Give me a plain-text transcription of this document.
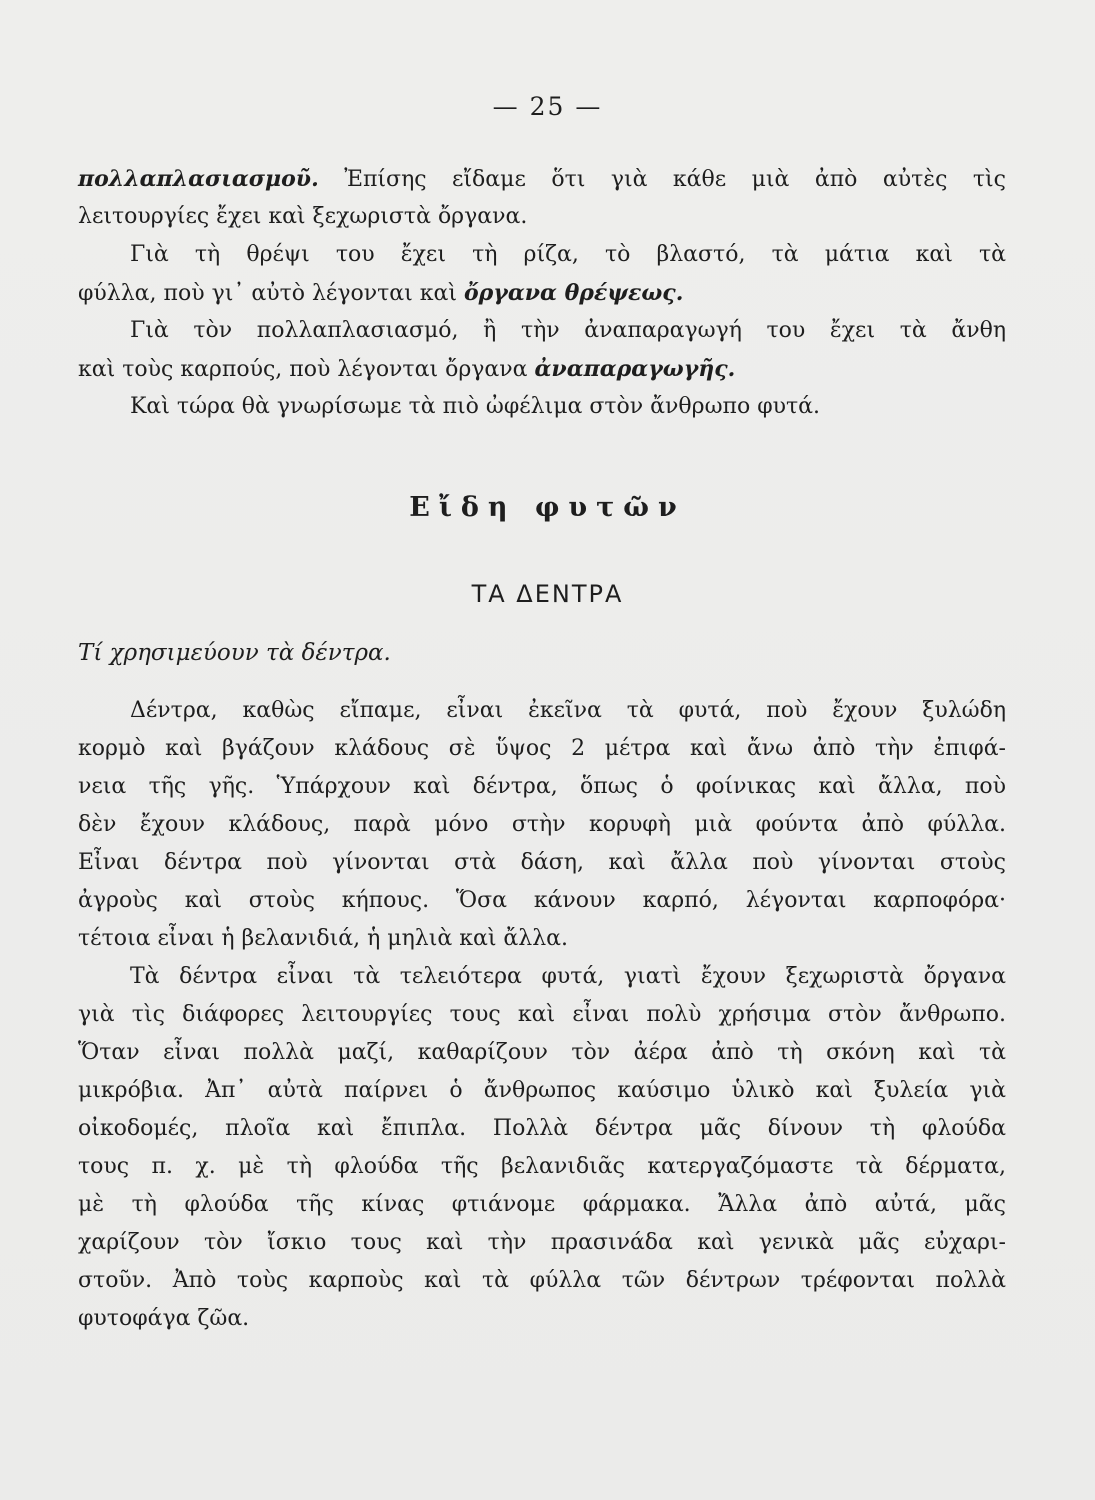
— 25 —
πολλαπλασιασμοῦ. Ἐπίσης εἴδαμε ὅτι γιὰ κάθε μιὰ ἀπὸ αὐτὲς τὶς
λειτουργίες ἔχει καὶ ξεχωριστὰ ὄργανα.
Γιὰ τὴ θρέψι του ἔχει τὴ ρίζα, τὸ βλαστό, τὰ μάτια καὶ τὰ
φύλλα, ποὺ γι᾽ αὐτὸ λέγονται καὶ ὄργανα θρέψεως.
Γιὰ τὸν πολλαπλασιασμό, ἢ τὴν ἀναπαραγωγή του ἔχει τὰ ἄνθη
καὶ τοὺς καρπούς, ποὺ λέγονται ὄργανα ἀναπαραγωγῆς.
Καὶ τώρα θὰ γνωρίσωμε τὰ πιὸ ὠφέλιμα στὸν ἄνθρωπο φυτά.
Εἴδη φυτῶν
ΤΑ ΔΕΝΤΡΑ
Τί χρησιμεύουν τὰ δέντρα.
Δέντρα, καθὼς εἴπαμε, εἶναι ἐκεῖνα τὰ φυτά, ποὺ ἔχουν ξυλώδη
κορμὸ καὶ βγάζουν κλάδους σὲ ὕψος 2 μέτρα καὶ ἄνω ἀπὸ τὴν ἐπιφά-
νεια τῆς γῆς. Ὑπάρχουν καὶ δέντρα, ὅπως ὁ φοίνικας καὶ ἄλλα, ποὺ
δὲν ἔχουν κλάδους, παρὰ μόνο στὴν κορυφὴ μιὰ φούντα ἀπὸ φύλλα.
Εἶναι δέντρα ποὺ γίνονται στὰ δάση, καὶ ἄλλα ποὺ γίνονται στοὺς
ἀγροὺς καὶ στοὺς κήπους. Ὅσα κάνουν καρπό, λέγονται καρποφόρα·
τέτοια εἶναι ἡ βελανιδιά, ἡ μηλιὰ καὶ ἄλλα.
Τὰ δέντρα εἶναι τὰ τελειότερα φυτά, γιατὶ ἔχουν ξεχωριστὰ ὄργανα
γιὰ τὶς διάφορες λειτουργίες τους καὶ εἶναι πολὺ χρήσιμα στὸν ἄνθρωπο.
Ὅταν εἶναι πολλὰ μαζί, καθαρίζουν τὸν ἀέρα ἀπὸ τὴ σκόνη καὶ τὰ
μικρόβια. Ἀπ᾽ αὐτὰ παίρνει ὁ ἄνθρωπος καύσιμο ὑλικὸ καὶ ξυλεία γιὰ
οἰκοδομές, πλοῖα καὶ ἔπιπλα. Πολλὰ δέντρα μᾶς δίνουν τὴ φλούδα
τους π. χ. μὲ τὴ φλούδα τῆς βελανιδιᾶς κατεργαζόμαστε τὰ δέρματα,
μὲ τὴ φλούδα τῆς κίνας φτιάνομε φάρμακα. Ἄλλα ἀπὸ αὐτά, μᾶς
χαρίζουν τὸν ἴσκιο τους καὶ τὴν πρασινάδα καὶ γενικὰ μᾶς εὐχαρι-
στοῦν. Ἀπὸ τοὺς καρποὺς καὶ τὰ φύλλα τῶν δέντρων τρέφονται πολλὰ
φυτοφάγα ζῶα.
